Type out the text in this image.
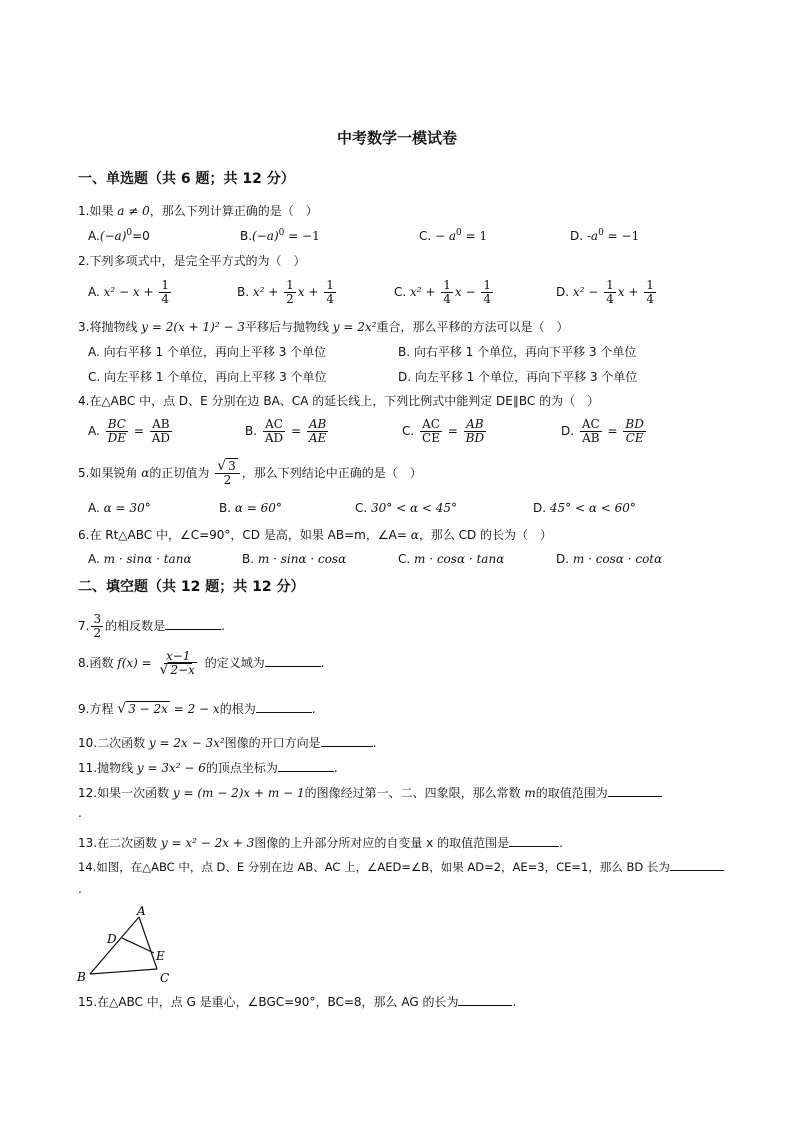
中考数学一模试卷
一、单选题（共 6 题；共 12 分）
1.如果 a ≠ 0，那么下列计算正确的是（　）
$A.(-a)^0=0$	$B.(-a)^0 = -1$	C. − $a^0 = 1$	D. $-a^0 = -1$
2.下列多项式中，是完全平方式的为（　）
A. $x^2 - x + \frac{1}{4}$	B. $x^2 + \frac{1}{2}$ $x + \frac{1}{4}$	C. $x^2 + \frac{1}{4}$ $x - \frac{1}{4}$	D. $x^2 - \frac{1}{4}$ $x + \frac{1}{4}$
3.将抛物线 y = 2(x + 1)² − 3平移后与抛物线 y = 2x²重合，那么平移的方法可以是（　）
A. 向右平移 1 个单位，再向上平移 3 个单位	B. 向右平移 1 个单位，再向下平移 3 个单位
C. 向左平移 1 个单位，再向上平移 3 个单位	D. 向左平移 1 个单位，再向下平移 3 个单位
4.在△ABC 中，点 D、E 分别在边 BA、CA 的延长线上，下列比例式中能判定 DE∥BC 的为（　）
A. $\frac{BC}{DE} = \frac{AB}{AD}$	B. $\frac{AC}{AD} = \frac{AB}{AE}$	C. $\frac{AC}{CE} = \frac{AB}{BD}$	D. $\frac{AC}{AB} = \frac{BD}{CE}$
5.如果锐角 α的正切值为 $\frac{√ 3}{2}$ ，那么下列结论中正确的是（　）
A. α = 30°	B. α = 60°	C. 30° < α < 45°	D. 45° < α < 60°
6.在 Rt△ABC 中，∠C=90°，CD 是高，如果 AB=m，∠A= α，那么 CD 的长为（　）
A. m · sinα · tanα	B. m · sinα · cosα	C. m · cosα · tanα	D. m · cosα · cotα
二、填空题（共 12 题；共 12 分）
7. $\frac{3}{2}$ 的相反数是	.
8.函数 $f(x) = \frac{x-1}{√ 2-x}$ 的定义域为	.
9.方程 √ 3 − 2x = 2 − x的根为	.
10.二次函数 y = 2x − 3x²图像的开口方向是	.
11.抛物线 y = 3x² − 6的顶点坐标为	.
12.如果一次函数 y = (m − 2)x + m − 1的图像经过第一、二、四象限，那么常数 m的取值范围为
.
13.在二次函数 y = x² − 2x + 3图像的上升部分所对应的自变量 x 的取值范围是	.
14.如图，在△ABC 中，点 D、E 分别在边 AB、AC 上，∠AED=∠B，如果 AD=2，AE=3，CE=1，那么 BD 长为
.
A
B	C
D
E
15.在△ABC 中，点 G 是重心，∠BGC=90°，BC=8，那么 AG 的长为	.
